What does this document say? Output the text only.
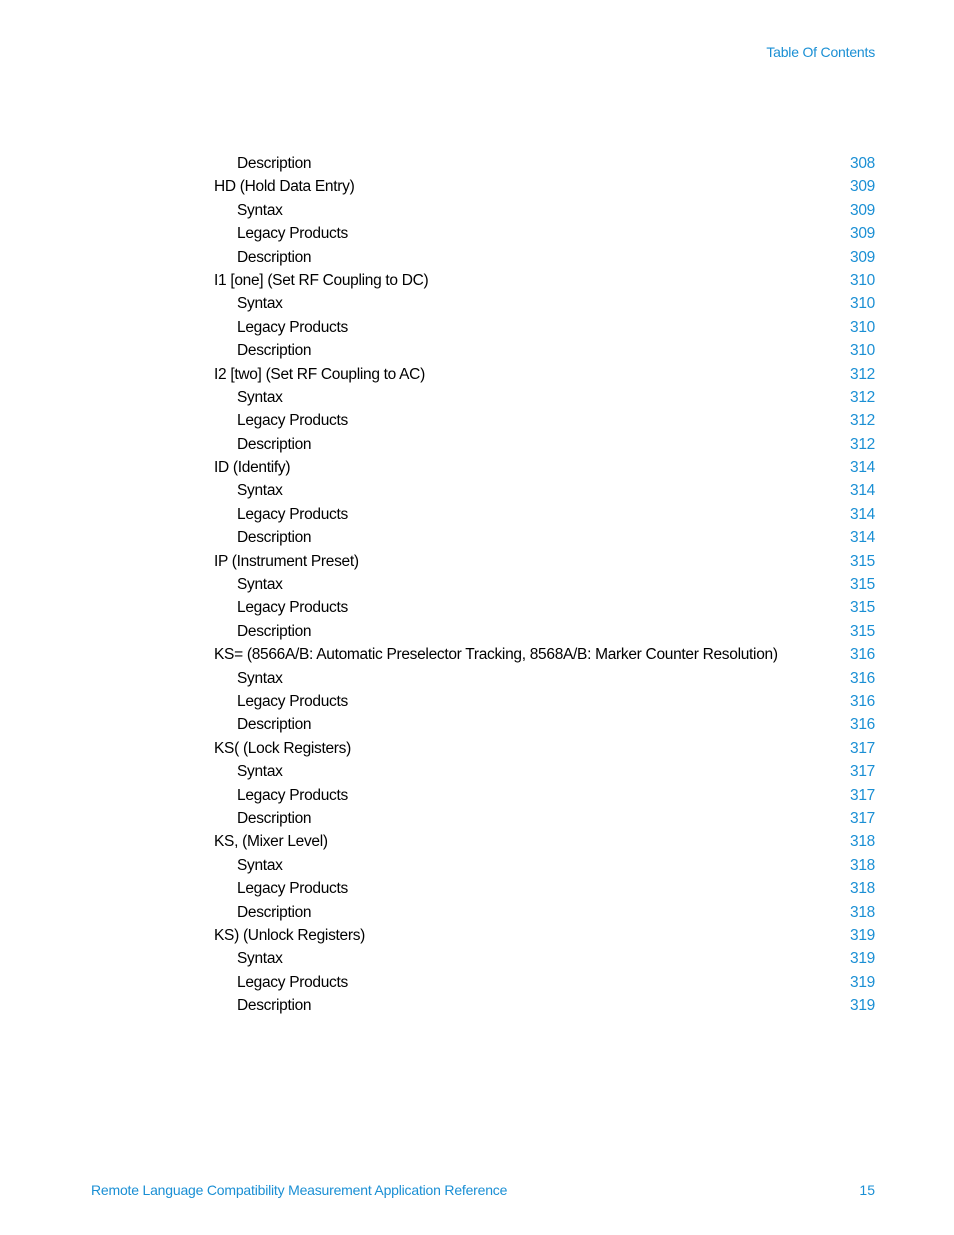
Table Of Contents
Description	308
HD (Hold Data Entry)	309
Syntax	309
Legacy Products	309
Description	309
I1 [one] (Set RF Coupling to DC)	310
Syntax	310
Legacy Products	310
Description	310
I2 [two] (Set RF Coupling to AC)	312
Syntax	312
Legacy Products	312
Description	312
ID (Identify)	314
Syntax	314
Legacy Products	314
Description	314
IP (Instrument Preset)	315
Syntax	315
Legacy Products	315
Description	315
KS= (8566A/B: Automatic Preselector Tracking, 8568A/B: Marker Counter Resolution)	316
Syntax	316
Legacy Products	316
Description	316
KS( (Lock Registers)	317
Syntax	317
Legacy Products	317
Description	317
KS, (Mixer Level)	318
Syntax	318
Legacy Products	318
Description	318
KS) (Unlock Registers)	319
Syntax	319
Legacy Products	319
Description	319
Remote Language Compatibility Measurement Application Reference	15
